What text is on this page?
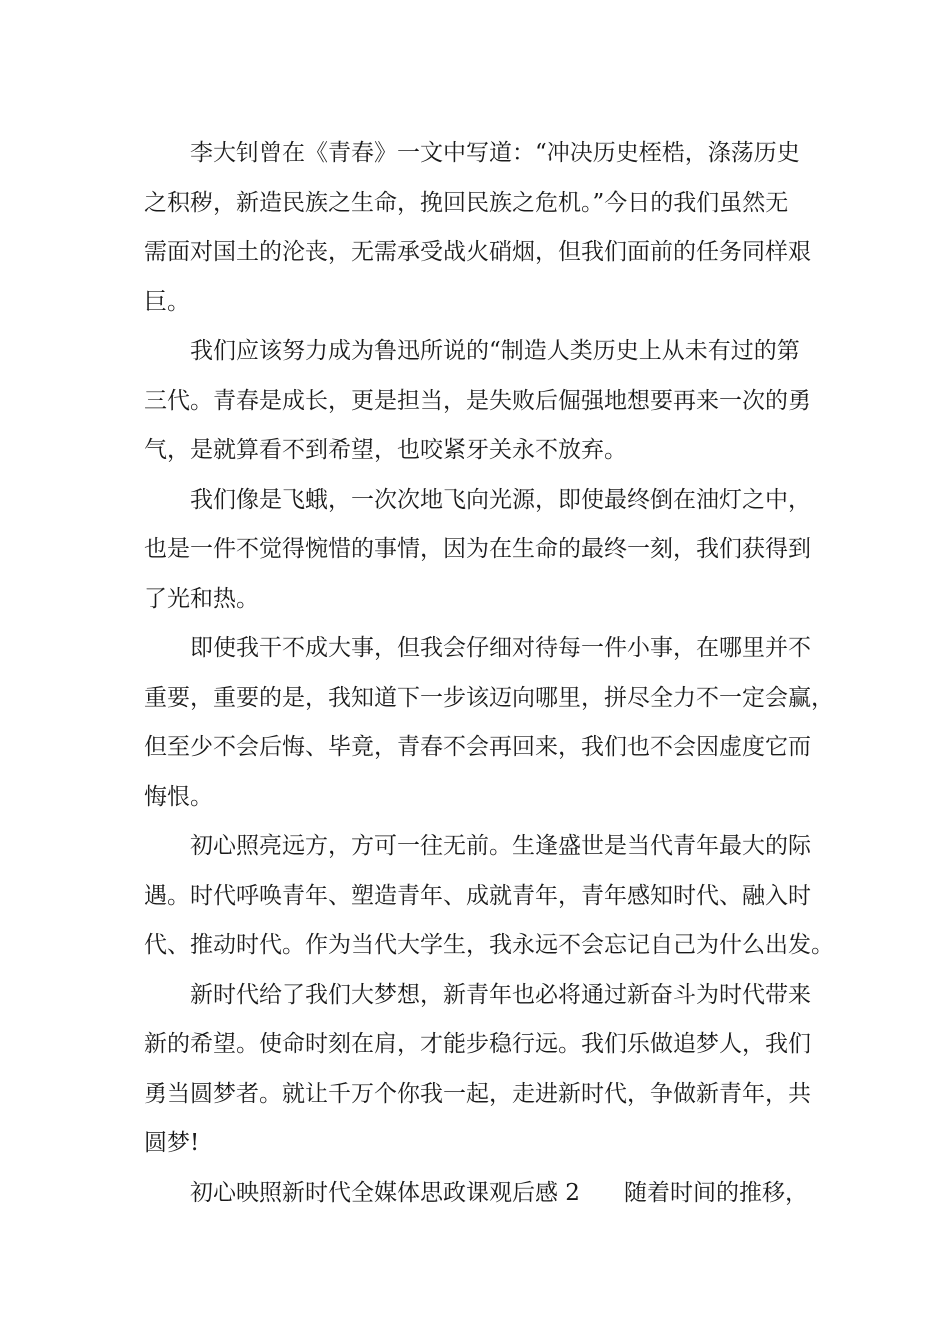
李大钊曾在《青春》一文中写道：“冲决历史桎梏，涤荡历史
之积秽，新造民族之生命，挽回民族之危机。”今日的我们虽然无
需面对国土的沦丧，无需承受战火硝烟，但我们面前的任务同样艰
巨。

我们应该努力成为鲁迅所说的“制造人类历史上从未有过的第
三代。青春是成长，更是担当，是失败后倔强地想要再来一次的勇
气，是就算看不到希望，也咬紧牙关永不放弃。

我们像是飞蛾，一次次地飞向光源，即使最终倒在油灯之中，
也是一件不觉得惋惜的事情，因为在生命的最终一刻，我们获得到
了光和热。

即使我干不成大事，但我会仔细对待每一件小事，在哪里并不
重要，重要的是，我知道下一步该迈向哪里，拼尽全力不一定会赢，
但至少不会后悔、毕竟，青春不会再回来，我们也不会因虚度它而
悔恨。

初心照亮远方，方可一往无前。生逢盛世是当代青年最大的际
遇。时代呼唤青年、塑造青年、成就青年，青年感知时代、融入时
代、推动时代。作为当代大学生，我永远不会忘记自己为什么出发。

新时代给了我们大梦想，新青年也必将通过新奋斗为时代带来
新的希望。使命时刻在肩，才能步稳行远。我们乐做追梦人，我们
勇当圆梦者。就让千万个你我一起，走进新时代，争做新青年，共
圆梦!

初心映照新时代全媒体思政课观后感 2 随着时间的推移，
